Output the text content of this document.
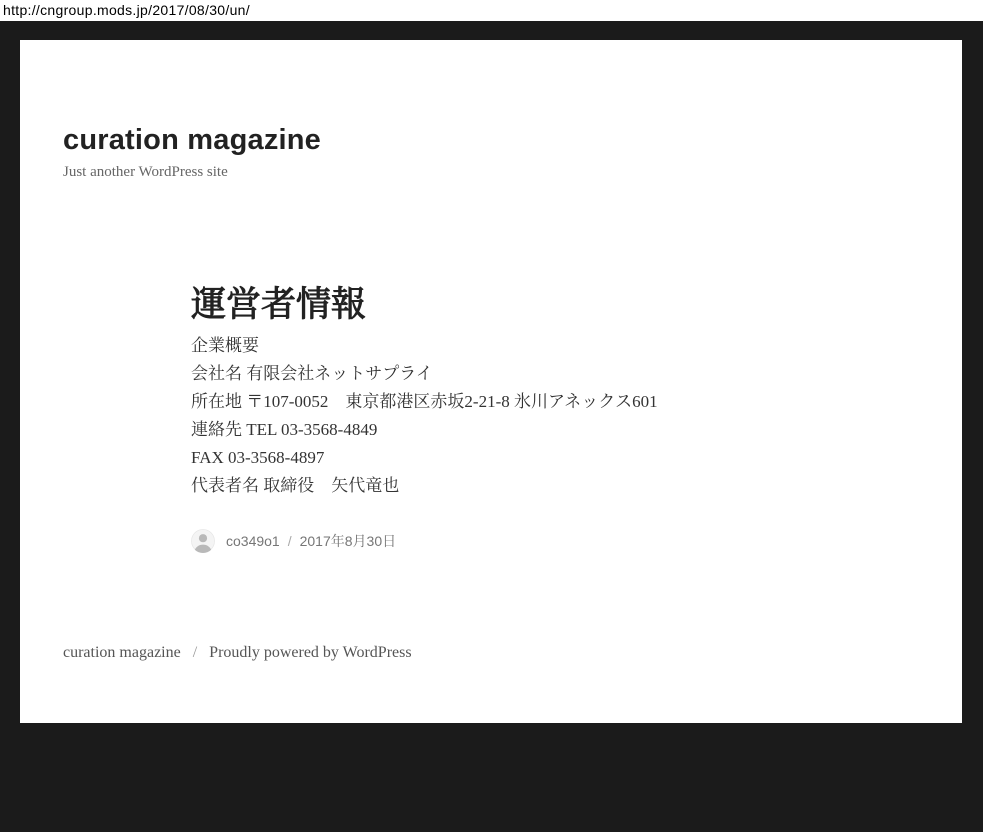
http://cngroup.mods.jp/2017/08/30/un/
curation magazine
Just another WordPress site
運営者情報

企業概要

会社名 有限会社ネットサプライ

所在地 〒107-0052　東京都港区赤坂2-21-8 氷川アネックス601

連絡先 TEL 03-3568-4849

FAX 03-3568-4897

代表者名 取締役　矢代竜也

co349o1 / 2017年8月30日
curation magazine / Proudly powered by WordPress
